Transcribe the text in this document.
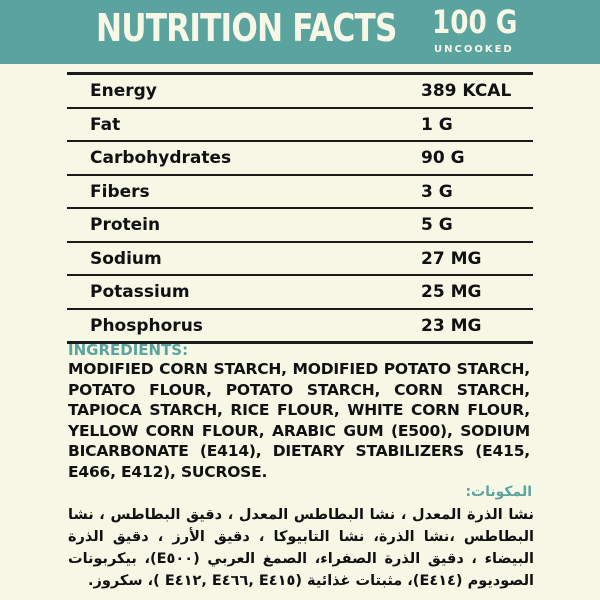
NUTRITION FACTS 100 G
UNCOOKED
Energy	389 KCAL
Fat	1 G
Carbohydrates	90 G
Fibers	3 G
Protein	5 G
Sodium	27 MG
Potassium	25 MG
Phosphorus	23 MG
INGREDIENTS:
MODIFIED CORN STARCH, MODIFIED POTATO STARCH, POTATO FLOUR, POTATO STARCH, CORN STARCH, TAPIOCA STARCH, RICE FLOUR, WHITE CORN FLOUR, YELLOW CORN FLOUR, ARABIC GUM (E500), SODIUM BICARBONATE (E414), DIETARY STABILIZERS (E415, E466, E412), SUCROSE.
المكونات:
نشا الذرة المعدل ، نشا البطاطس المعدل ، دقيق البطاطس ، نشا البطاطس ،نشا الذرة، نشا التابيوكا ، دقيق الأرز ، دقيق الذرة البيضاء ، دقيق الذرة الصفراء، الصمغ العربي (E٥٠٠)، بيكربونات الصوديوم (E٤١٤)، مثبتات غذائية (E٤١٥ ,E٤٦٦ ,E٤١٢ )، سكروز.
